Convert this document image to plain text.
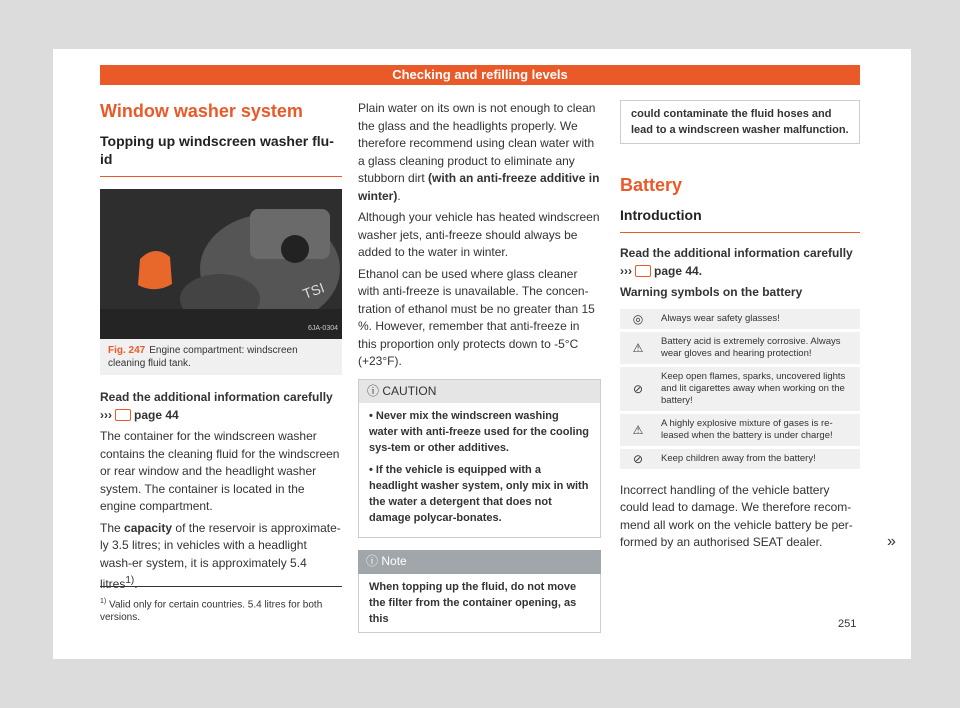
Checking and refilling levels
Window washer system
Topping up windscreen washer flu-id
TSI
6JA-0304
Fig. 247 Engine compartment: windscreen cleaning fluid tank.

Read the additional information carefully
››› page 44

The container for the windscreen washer contains the cleaning fluid for the windscreen or rear window and the headlight washer system. The container is located in the engine compartment.

The capacity of the reservoir is approximate-ly 3.5 litres; in vehicles with a headlight wash-er system, it is approximately 5.4 litres$^{1)}$.

Plain water on its own is not enough to clean the glass and the headlights properly. We therefore recommend using clean water with a glass cleaning product to eliminate any stubborn dirt (with an anti-freeze additive in winter).

Although your vehicle has heated windscreen washer jets, anti-freeze should always be added to the water in winter.

Ethanol can be used where glass cleaner with anti-freeze is unavailable. The concen-tration of ethanol must be no greater than 15 %. However, remember that anti-freeze in this proportion only protects down to -5°C (+23°F).

ⓘ CAUTION

• Never mix the windscreen washing water with anti-freeze used for the cooling sys-tem or other additives.

• If the vehicle is equipped with a headlight washer system, only mix in with the water a detergent that does not damage polycar-bonates.

ⓘ Note
When topping up the fluid, do not move the filter from the container opening, as this
could contaminate the fluid hoses and lead to a windscreen washer malfunction.
Battery
Introduction

Read the additional information carefully
››› page 44.

Warning symbols on the battery

◎	Always wear safety glasses!
⚠	Battery acid is extremely corrosive. Always wear gloves and hearing protection!
⊘	Keep open flames, sparks, uncovered lights and lit cigarettes away when working on the battery!
⚠	A highly explosive mixture of gases is re-leased when the battery is under charge!
⊘	Keep children away from the battery!

Incorrect handling of the vehicle battery could lead to damage. We therefore recom-mend all work on the vehicle battery be per-formed by an authorised SEAT dealer.

$^{1)}$ Valid only for certain countries. 5.4 litres for both versions.
»
251
